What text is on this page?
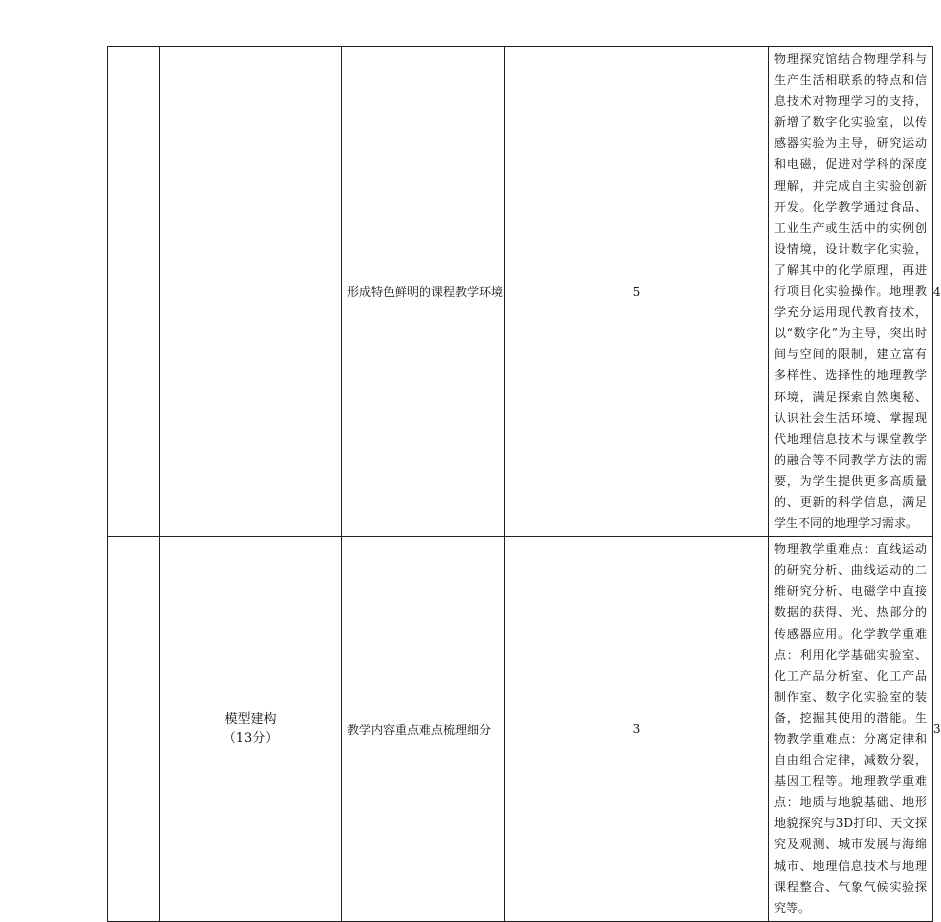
		形成特色鲜明的课程教学环境	5	物理探究馆结合物理学科与生产生活相联系的特点和信息技术对物理学习的支持，新增了数字化实验室，以传感器实验为主导，研究运动和电磁，促进对学科的深度理解，并完成自主实验创新开发。化学教学通过食品、工业生产或生活中的实例创设情境，设计数字化实验，了解其中的化学原理，再进行项目化实验操作。地理教学充分运用现代教育技术，以“数字化”为主导，突出时间与空间的限制，建立富有多样性、选择性的地理教学环境，满足探索自然奥秘、认识社会生活环境、掌握现代地理信息技术与课堂教学的融合等不同教学方法的需要，为学生提供更多高质量的、更新的科学信息，满足学生不同的地理学习需求。	4

	模型建构
（13分）	教学内容重点难点梳理细分	3	物理教学重难点：直线运动的研究分析、曲线运动的二维研究分析、电磁学中直接数据的获得、光、热部分的传感器应用。化学教学重难点：利用化学基础实验室、化工产品分析室、化工产品制作室、数字化实验室的装备，挖掘其使用的潜能。生物教学重难点：分离定律和自由组合定律，减数分裂，基因工程等。地理教学重难点：地质与地貌基础、地形地貌探究与3D打印、天文探究及观测、城市发展与海绵城市、地理信息技术与地理课程整合、气象气候实验探究等。	3
